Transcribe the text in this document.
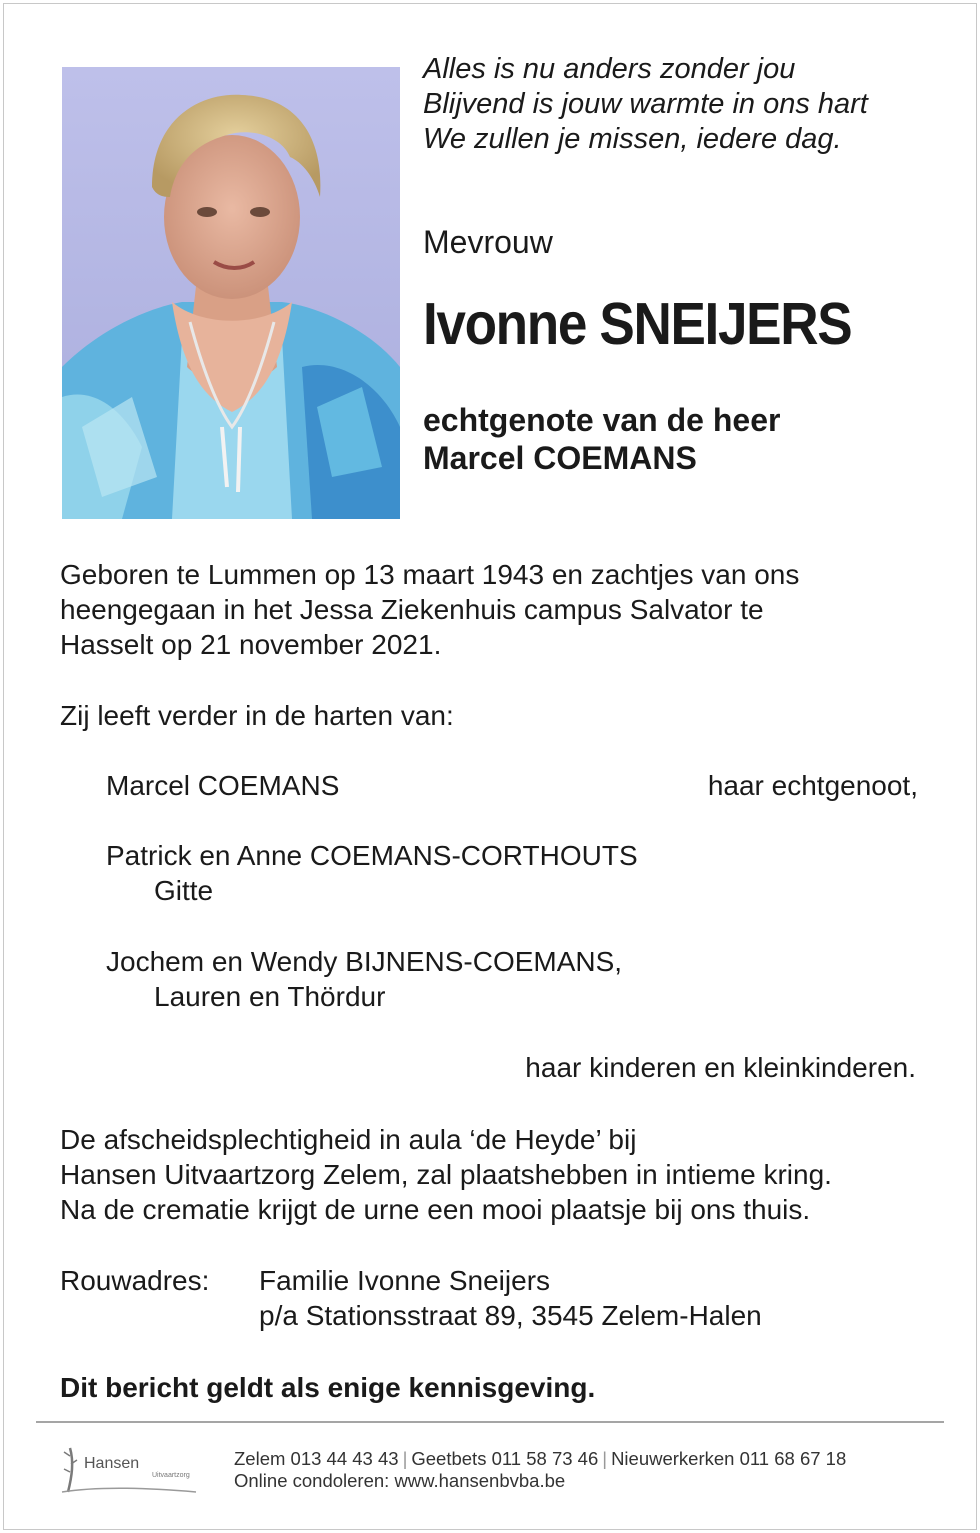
Alles is nu anders zonder jou
Blijvend is jouw warmte in ons hart
We zullen je missen, iedere dag.
Mevrouw
Ivonne SNEIJERS
echtgenote van de heer
Marcel COEMANS
Geboren te Lummen op 13 maart 1943 en zachtjes van ons
heengegaan in het Jessa Ziekenhuis campus Salvator te
Hasselt op 21 november 2021.
Zij leeft verder in de harten van:
Marcel COEMANS	haar echtgenoot,
Patrick en Anne COEMANS-CORTHOUTS
Gitte
Jochem en Wendy BIJNENS-COEMANS,
Lauren en Thördur
haar kinderen en kleinkinderen.
De afscheidsplechtigheid in aula ‘de Heyde’ bij
Hansen Uitvaartzorg Zelem, zal plaatshebben in intieme kring.
Na de crematie krijgt de urne een mooi plaatsje bij ons thuis.
Rouwadres: Familie Ivonne Sneijers
p/a Stationsstraat 89, 3545 Zelem-Halen
Dit bericht geldt als enige kennisgeving.
Hansen
Uitvaartzorg
Zelem 013 44 43 43 | Geetbets 011 58 73 46 | Nieuwerkerken 011 68 67 18
Online condoleren: www.hansenbvba.be
